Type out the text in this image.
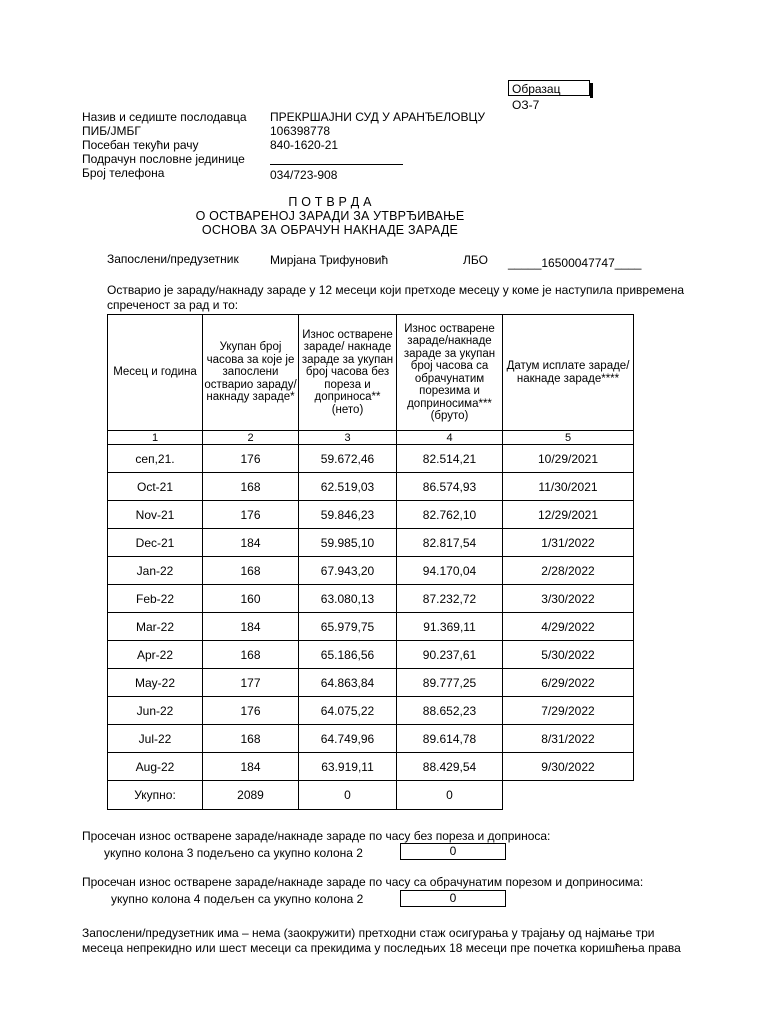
Образац ОЗ-7
Назив и седиште послодавца ПРЕКРШАЈНИ СУД У АРАНЂЕЛОВЦУ
ПИБ/ЈМБГ	106398778
Посебан текући рачу	840-1620-21
Подрачун пословне јединице
Број телефона	034/723-908
П О Т В Р Д А
О ОСТВАРЕНОЈ ЗАРАДИ ЗА УТВРЂИВАЊЕ
ОСНОВА ЗА ОБРАЧУН НАКНАДЕ ЗАРАДЕ
Запослени/предузетник	Мирјана Трифуновић	ЛБО _____16500047747____
Остварио је зараду/накнаду зараде у 12 месеци који претходе месецу у коме је наступила привремена
спреченост за рад и то:
Месец и година	Укупан број часова за које је запослени остварио зараду/накнаду зараде*	Износ остварене зараде/ накнаде зараде за укупан број часова без пореза и доприноса** (нето)	Износ остварене зараде/накнаде зараде за укупан број часова са обрачунатим порезима и доприносима*** (бруто)	Датум исплате зараде/накнаде зараде****
1	2	3	4	5
сеп,21.	176	59.672,46	82.514,21	10/29/2021
Oct-21	168	62.519,03	86.574,93	11/30/2021
Nov-21	176	59.846,23	82.762,10	12/29/2021
Dec-21	184	59.985,10	82.817,54	1/31/2022
Jan-22	168	67.943,20	94.170,04	2/28/2022
Feb-22	160	63.080,13	87.232,72	3/30/2022
Mar-22	184	65.979,75	91.369,11	4/29/2022
Apr-22	168	65.186,56	90.237,61	5/30/2022
May-22	177	64.863,84	89.777,25	6/29/2022
Jun-22	176	64.075,22	88.652,23	7/29/2022
Jul-22	168	64.749,96	89.614,78	8/31/2022
Aug-22	184	63.919,11	88.429,54	9/30/2022
Укупно:	2089	0	0	
Просечан износ остварене зараде/накнаде зараде по часу без пореза и доприноса:
укупно колона 3 подељено са укупно колона 2	0
Просечан износ остварене зараде/накнаде зараде по часу са обрачунатим порезом и доприносима:
укупно колона 4 подељен са укупно колона 2	0
Запослени/предузетник има – нема (заокружити) претходни стаж осигурања у трајању од најмање три
месеца непрекидно или шест месеци са прекидима у последњих 18 месеци пре почетка коришћења права
